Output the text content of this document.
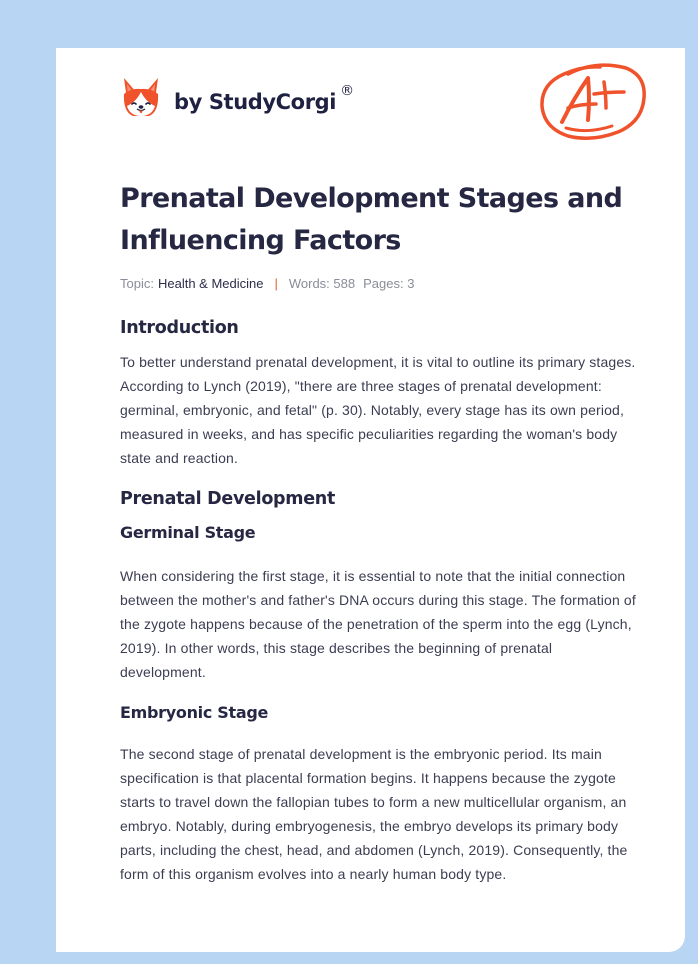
by StudyCorgi ®
Prenatal Development Stages and Influencing Factors
Topic: Health & Medicine | Words: 588 Pages: 3
Introduction

To better understand prenatal development, it is vital to outline its primary stages. According to Lynch (2019), "there are three stages of prenatal development: germinal, embryonic, and fetal" (p. 30). Notably, every stage has its own period, measured in weeks, and has specific peculiarities regarding the woman's body state and reaction.

Prenatal Development
Germinal Stage

When considering the first stage, it is essential to note that the initial connection between the mother's and father's DNA occurs during this stage. The formation of the zygote happens because of the penetration of the sperm into the egg (Lynch, 2019). In other words, this stage describes the beginning of prenatal development.

Embryonic Stage

The second stage of prenatal development is the embryonic period. Its main specification is that placental formation begins. It happens because the zygote starts to travel down the fallopian tubes to form a new multicellular organism, an embryo. Notably, during embryogenesis, the embryo develops its primary body parts, including the chest, head, and abdomen (Lynch, 2019). Consequently, the form of this organism evolves into a nearly human body type.
